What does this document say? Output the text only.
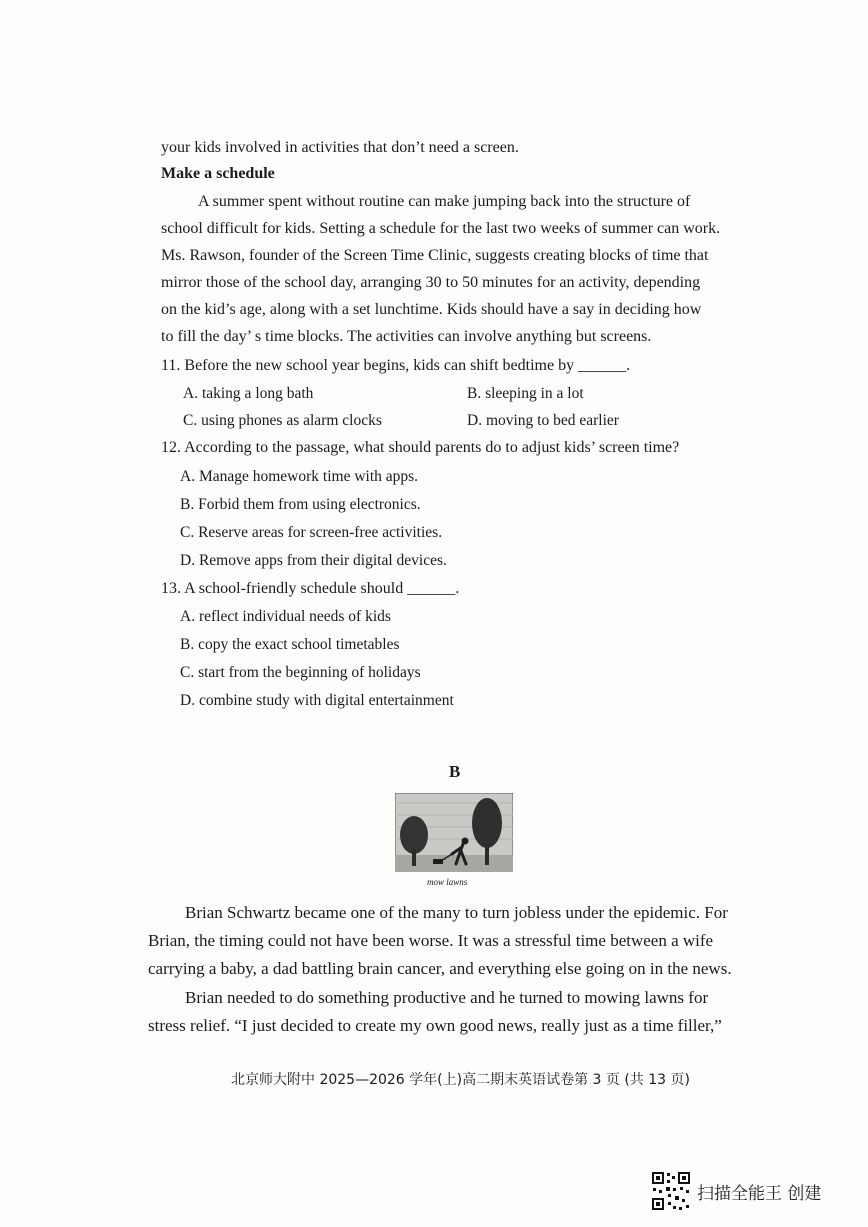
your kids involved in activities that don’t need a screen.
Make a schedule
A summer spent without routine can make jumping back into the structure of
school difficult for kids. Setting a schedule for the last two weeks of summer can work.
Ms. Rawson, founder of the Screen Time Clinic, suggests creating blocks of time that
mirror those of the school day, arranging 30 to 50 minutes for an activity, depending
on the kid’s age, along with a set lunchtime. Kids should have a say in deciding how
to fill the day’ s time blocks. The activities can involve anything but screens.
11. Before the new school year begins, kids can shift bedtime by ______.
A. taking a long bath	B. sleeping in a lot
C. using phones as alarm clocks	D. moving to bed earlier
12. According to the passage, what should parents do to adjust kids’ screen time?
A. Manage homework time with apps.
B. Forbid them from using electronics.
C. Reserve areas for screen-free activities.
D. Remove apps from their digital devices.
13. A school-friendly schedule should ______.
A. reflect individual needs of kids
B. copy the exact school timetables
C. start from the beginning of holidays
D. combine study with digital entertainment
B
mow lawns
Brian Schwartz became one of the many to turn jobless under the epidemic. For
Brian, the timing could not have been worse. It was a stressful time between a wife
carrying a baby, a dad battling brain cancer, and everything else going on in the news.
Brian needed to do something productive and he turned to mowing lawns for
stress relief. “I just decided to create my own good news, really just as a time filler,”
北京师大附中 2025—2026 学年(上)高二期末英语试卷第 3 页 (共 13 页)
扫描全能王 创建
